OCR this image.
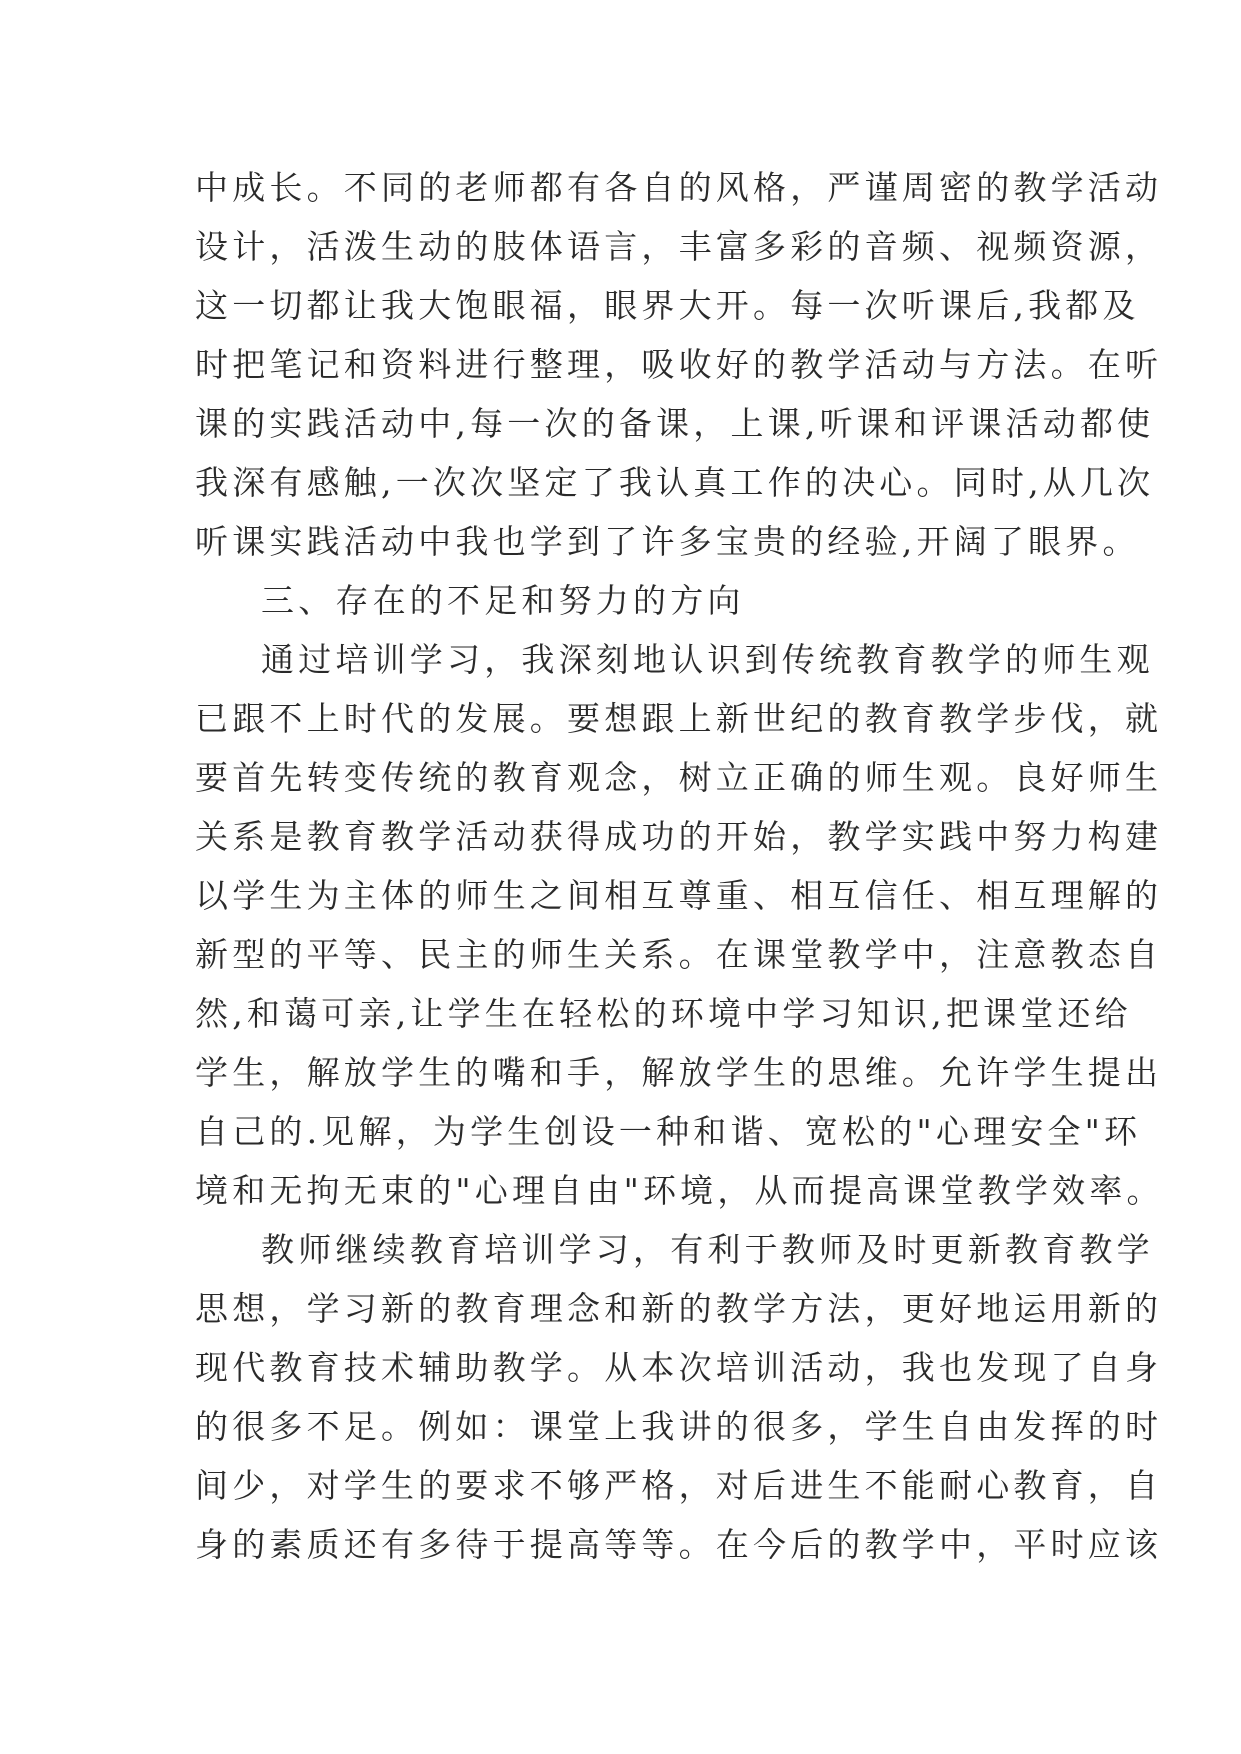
中成长。不同的老师都有各自的风格，严谨周密的教学活动
设计，活泼生动的肢体语言，丰富多彩的音频、视频资源，
这一切都让我大饱眼福，眼界大开。每一次听课后,我都及
时把笔记和资料进行整理，吸收好的教学活动与方法。在听
课的实践活动中,每一次的备课，上课,听课和评课活动都使
我深有感触,一次次坚定了我认真工作的决心。同时,从几次
听课实践活动中我也学到了许多宝贵的经验,开阔了眼界。
三、存在的不足和努力的方向
通过培训学习，我深刻地认识到传统教育教学的师生观
已跟不上时代的发展。要想跟上新世纪的教育教学步伐，就
要首先转变传统的教育观念，树立正确的师生观。良好师生
关系是教育教学活动获得成功的开始，教学实践中努力构建
以学生为主体的师生之间相互尊重、相互信任、相互理解的
新型的平等、民主的师生关系。在课堂教学中，注意教态自
然,和蔼可亲,让学生在轻松的环境中学习知识,把课堂还给
学生，解放学生的嘴和手，解放学生的思维。允许学生提出
自己的.见解，为学生创设一种和谐、宽松的"心理安全"环
境和无拘无束的"心理自由"环境，从而提高课堂教学效率。
教师继续教育培训学习，有利于教师及时更新教育教学
思想，学习新的教育理念和新的教学方法，更好地运用新的
现代教育技术辅助教学。从本次培训活动，我也发现了自身
的很多不足。例如：课堂上我讲的很多，学生自由发挥的时
间少，对学生的要求不够严格，对后进生不能耐心教育，自
身的素质还有多待于提高等等。在今后的教学中，平时应该
